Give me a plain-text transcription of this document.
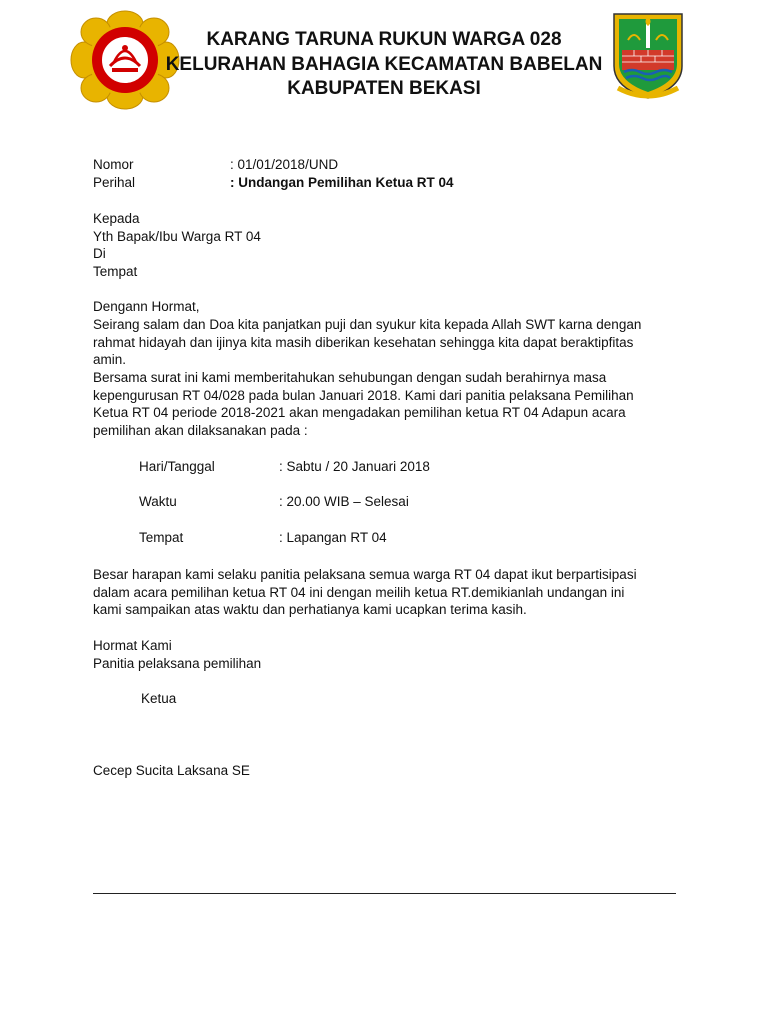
KARANG TARUNA RUKUN WARGA 028
KELURAHAN BAHAGIA KECAMATAN BABELAN
KABUPATEN BEKASI
Nomor	: 01/01/2018/UND
Perihal	: Undangan Pemilihan Ketua RT 04
Kepada
Yth Bapak/Ibu Warga RT 04
Di
Tempat
Dengann Hormat,
Seirang salam dan Doa kita panjatkan puji dan syukur kita kepada Allah SWT karna dengan
rahmat hidayah dan ijinya kita masih diberikan kesehatan sehingga kita dapat beraktipfitas
amin.
Bersama surat ini kami memberitahukan sehubungan dengan sudah berahirnya masa
kepengurusan RT 04/028 pada bulan Januari 2018. Kami dari panitia pelaksana Pemilihan
Ketua RT 04 periode 2018-2021 akan mengadakan pemilihan ketua RT 04 Adapun acara
pemilihan akan dilaksanakan pada :
Hari/Tanggal	: Sabtu / 20 Januari 2018
Waktu	: 20.00 WIB – Selesai
Tempat	: Lapangan RT 04
Besar harapan kami selaku panitia pelaksana semua warga RT 04 dapat ikut berpartisipasi
dalam acara pemilihan ketua RT 04 ini dengan meilih ketua RT.demikianlah undangan ini
kami sampaikan atas waktu dan perhatianya kami ucapkan terima kasih.
Hormat Kami
Panitia pelaksana pemilihan
Ketua
Cecep Sucita Laksana SE
